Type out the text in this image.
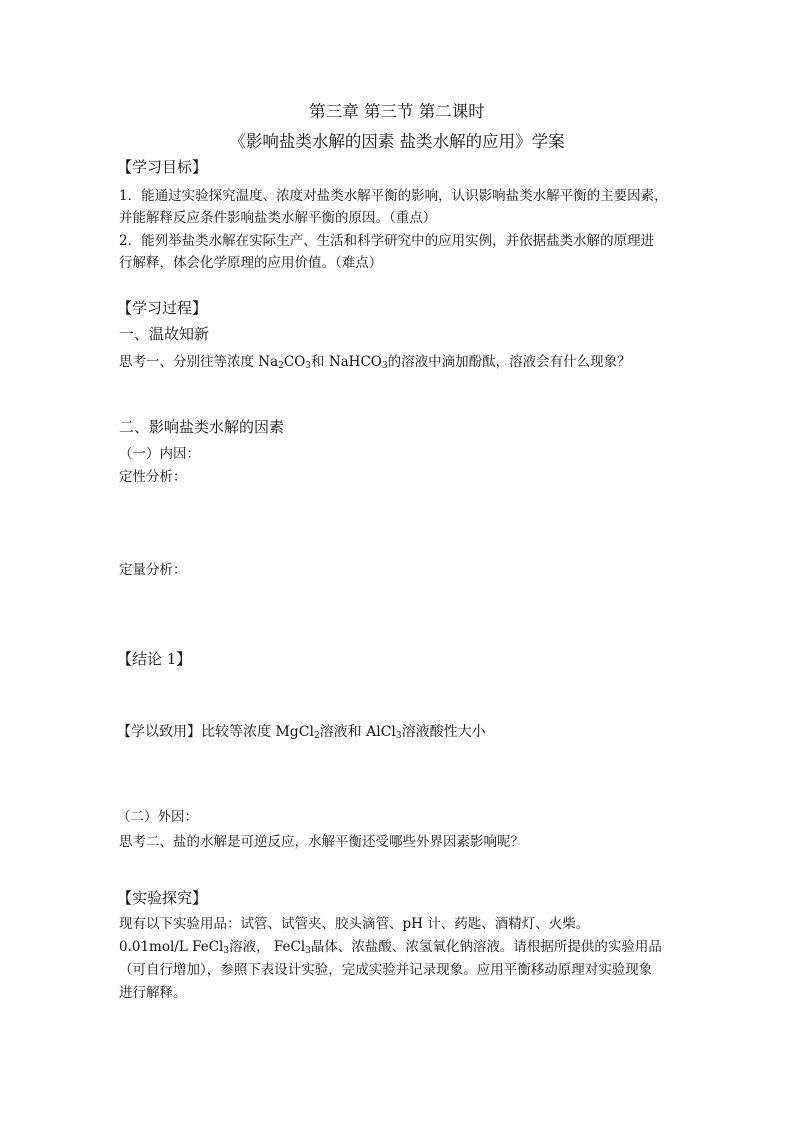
第三章 第三节 第二课时
《影响盐类水解的因素 盐类水解的应用》学案
【学习目标】
1．能通过实验探究温度、浓度对盐类水解平衡的影响，认识影响盐类水解平衡的主要因素，
并能解释反应条件影响盐类水解平衡的原因。（重点）
2．能列举盐类水解在实际生产、生活和科学研究中的应用实例，并依据盐类水解的原理进
行解释，体会化学原理的应用价值。（难点）
【学习过程】
一、温故知新
思考一、分别往等浓度 $Na_2CO_3$和 NaHCO$_3$的溶液中滴加酚酞，溶液会有什么现象？
二、影响盐类水解的因素
（一）内因：
定性分析：
定量分析：
【结论 1】
【学以致用】比较等浓度 MgCl$_2$溶液和 AlCl$_3$溶液酸性大小
（二）外因：
思考二、盐的水解是可逆反应，水解平衡还受哪些外界因素影响呢？
【实验探究】
现有以下实验用品：试管、试管夹、胶头滴管、pH 计、药匙、酒精灯、火柴。
0.01mol/L FeCl$_3$溶液， FeCl$_3$晶体、浓盐酸、浓氢氧化钠溶液。请根据所提供的实验用品
（可自行增加），参照下表设计实验，完成实验并记录现象。应用平衡移动原理对实验现象
进行解释。
